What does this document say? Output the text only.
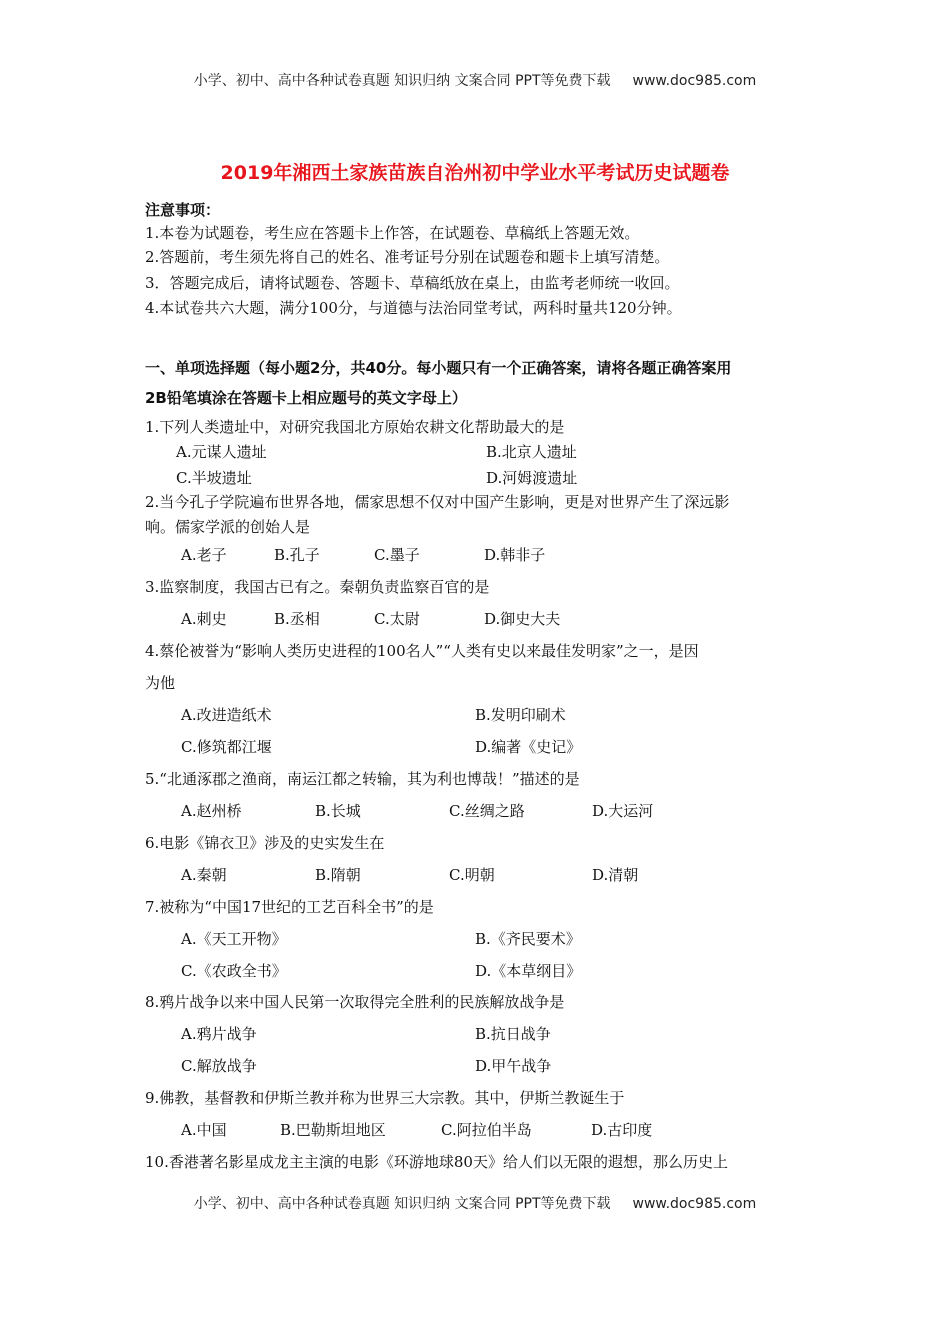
小学、初中、高中各种试卷真题 知识归纳 文案合同 PPT等免费下载 www.doc985.com
2019年湘西土家族苗族自治州初中学业水平考试历史试题卷
注意事项：
1.本卷为试题卷，考生应在答题卡上作答，在试题卷、草稿纸上答题无效。
2.答题前，考生须先将自己的姓名、准考证号分别在试题卷和题卡上填写清楚。
3．答题完成后，请将试题卷、答题卡、草稿纸放在桌上，由监考老师统一收回。
4.本试卷共六大题，满分100分，与道德与法治同堂考试，两科时量共120分钟。
一、单项选择题（每小题2分，共40分。每小题只有一个正确答案，请将各题正确答案用
2B铅笔填涂在答题卡上相应题号的英文字母上）
1.下列人类遗址中，对研究我国北方原始农耕文化帮助最大的是
A.元谋人遗址	B.北京人遗址
C.半坡遗址	D.河姆渡遗址
2.当今孔子学院遍布世界各地，儒家思想不仅对中国产生影响，更是对世界产生了深远影
响。儒家学派的创始人是
A.老子	B.孔子	C.墨子	D.韩非子
3.监察制度，我国古已有之。秦朝负责监察百官的是
A.刺史	B.丞相	C.太尉	D.御史大夫
4.蔡伦被誉为“影响人类历史进程的100名人”“人类有史以来最佳发明家”之一，是因
为他
A.改进造纸术	B.发明印刷术
C.修筑都江堰	D.编著《史记》
5.“北通涿郡之渔商，南运江都之转输，其为利也博哉！”描述的是
A.赵州桥	B.长城	C.丝绸之路	D.大运河
6.电影《锦衣卫》涉及的史实发生在
A.秦朝	B.隋朝	C.明朝	D.清朝
7.被称为“中国17世纪的工艺百科全书”的是
A.《天工开物》	B.《齐民要术》
C.《农政全书》	D.《本草纲目》
8.鸦片战争以来中国人民第一次取得完全胜利的民族解放战争是
A.鸦片战争	B.抗日战争
C.解放战争	D.甲午战争
9.佛教，基督教和伊斯兰教并称为世界三大宗教。其中，伊斯兰教诞生于
A.中国	B.巴勒斯坦地区	C.阿拉伯半岛	D.古印度
10.香港著名影星成龙主主演的电影《环游地球80天》给人们以无限的遐想，那么历史上
小学、初中、高中各种试卷真题 知识归纳 文案合同 PPT等免费下载 www.doc985.com
